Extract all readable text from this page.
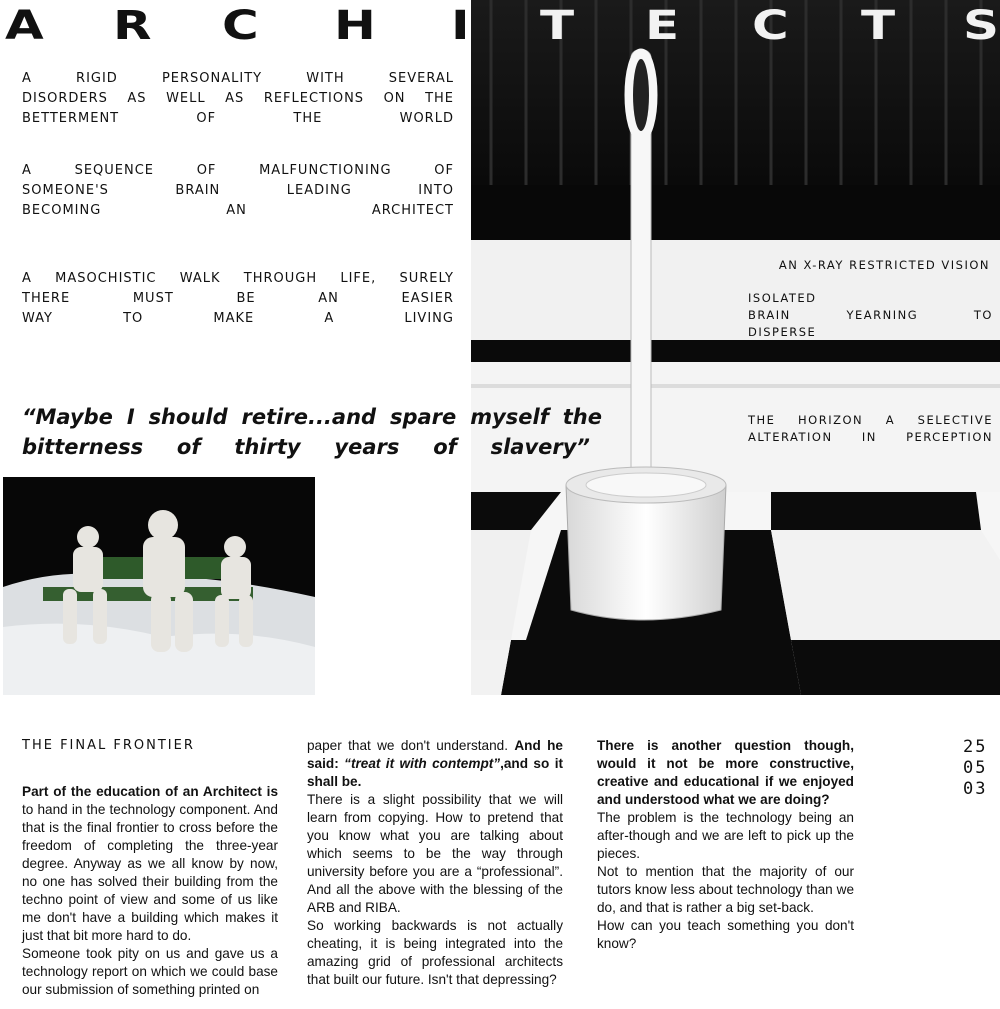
A R C H I T E C T S
A	RIGID	PERSONALITY	WITH	SEVERAL
DISORDERS AS WELL AS REFLECTIONS ON THE
BETTERMENT	OF	THE	WORLD
A	SEQUENCE	OF	MALFUNCTIONING	OF
SOMEONE'S	BRAIN	LEADING	INTO
BECOMING	AN	ARCHITECT
A MASOCHISTIC WALK THROUGH LIFE, SURELY
THERE	MUST	BE	AN	EASIER
WAY	TO	MAKE	A	LIVING
AN X-RAY RESTRICTED VISION
ISOLATED
BRAIN	YEARNING	TO
DISPERSE
THE HORIZON A SELECTIVE
ALTERATION	IN	PERCEPTION
“Maybe I should retire...and spare myself the
bitterness of thirty years of slavery”
THE FINAL FRONTIER

Part of the education of an Architect is to hand in the technology component. And that is the final frontier to cross before the freedom of completing the three-year degree. Anyway as we all know by now, no one has solved their building from the techno point of view and some of us like me don't have a building which makes it just that bit more hard to do.

Someone took pity on us and gave us a technology report on which we could base our submission of something printed on

paper that we don't understand. And he said: “treat it with contempt”,and so it shall be.

There is a slight possibility that we will learn from copying. How to pretend that you know what you are talking about which seems to be the way through university before you are a “professional”. And all the above with the blessing of the ARB and RIBA.

So working backwards is not actually cheating, it is being integrated into the amazing grid of professional architects that built our future. Isn't that depressing?

There is another question though, would it not be more constructive, creative and educational if we enjoyed and understood what we are doing?

The problem is the technology being an after-though and we are left to pick up the pieces.

Not to mention that the majority of our tutors know less about technology than we do, and that is rather a big set-back.

How can you teach something you don't know?

25
05
03
